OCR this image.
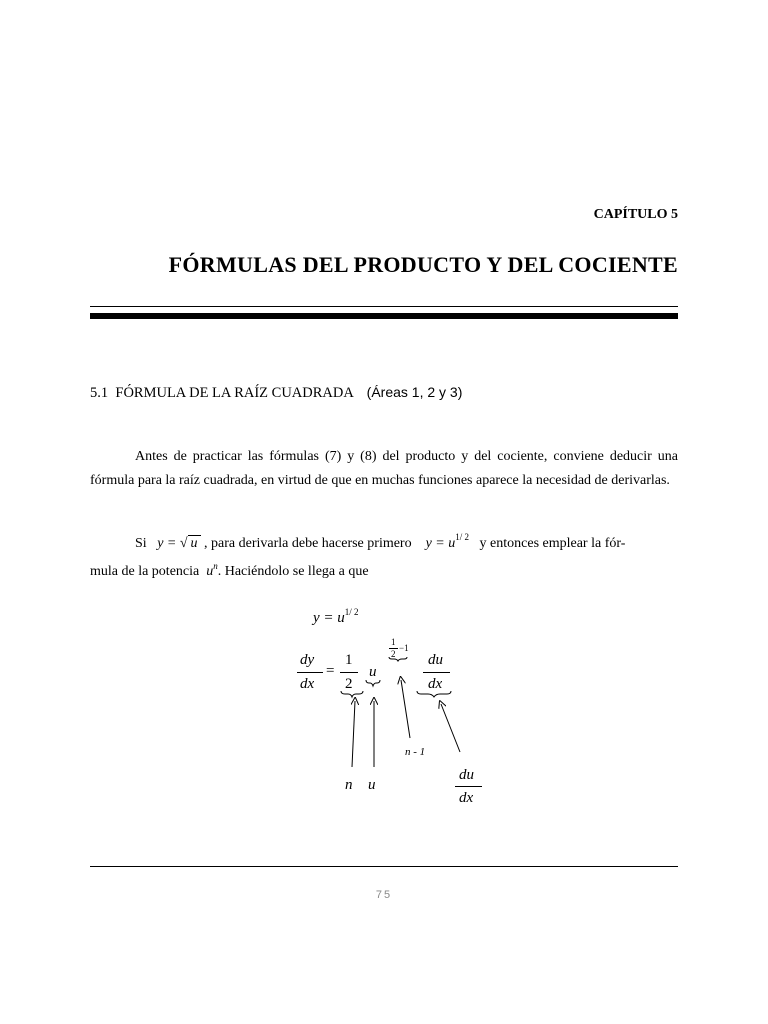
CAPÍTULO 5
FÓRMULAS DEL PRODUCTO Y DEL COCIENTE
5.1 FÓRMULA DE LA RAÍZ CUADRADA (Áreas 1, 2 y 3)
Antes de practicar las fórmulas (7) y (8) del producto y del cociente, conviene deducir una fórmula para la raíz cuadrada, en virtud de que en muchas funciones aparece la necesidad de derivarlas.
Si y = √ u , para derivarla debe hacerse primero $y = u^{1/ 2}$ y entonces emplear la fór-
mula de la potencia $u^n$. Haciéndolo se llega a que
$y = u^{1/ 2}$
dy
dx
=
1
2
u
1
2
−1
du
dx
n - 1
n u
du
dx
75
